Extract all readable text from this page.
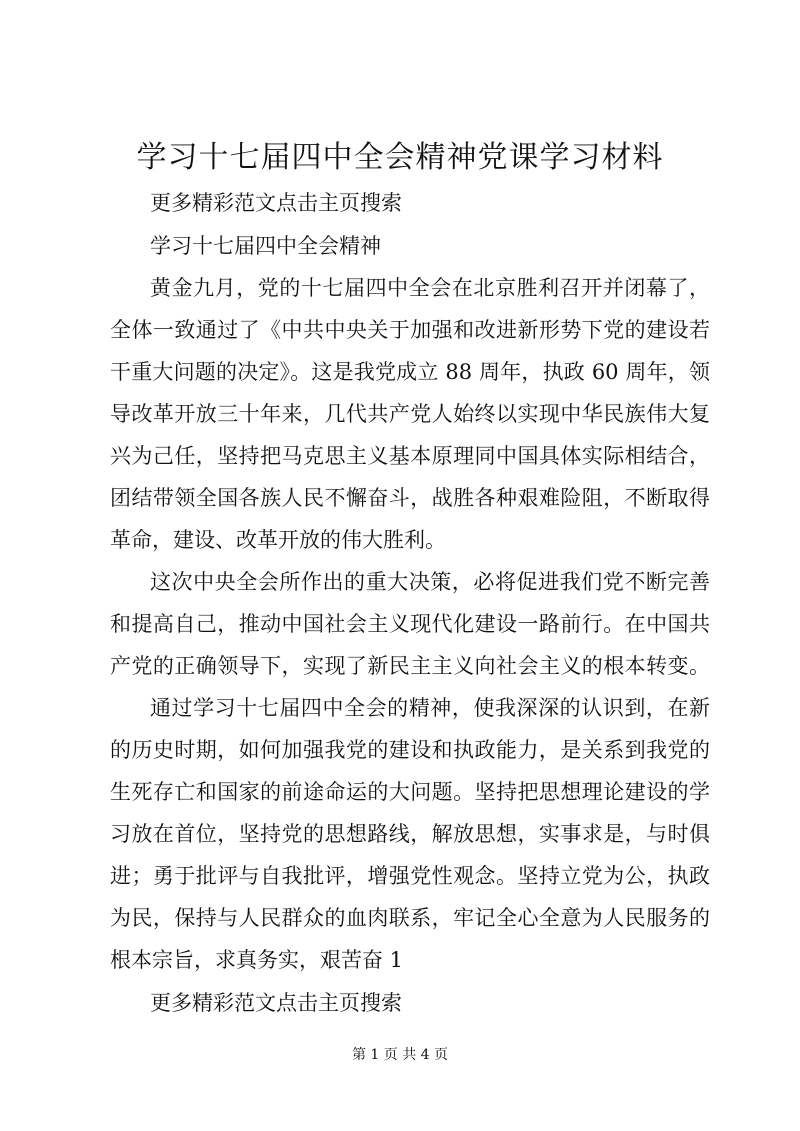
学习十七届四中全会精神党课学习材料
更多精彩范文点击主页搜索
学习十七届四中全会精神
黄金九月，党的十七届四中全会在北京胜利召开并闭幕了，
全体一致通过了《中共中央关于加强和改进新形势下党的建设若
干重大问题的决定》。这是我党成立 88 周年，执政 60 周年，领
导改革开放三十年来，几代共产党人始终以实现中华民族伟大复
兴为己任，坚持把马克思主义基本原理同中国具体实际相结合，
团结带领全国各族人民不懈奋斗，战胜各种艰难险阻，不断取得
革命，建设、改革开放的伟大胜利。
这次中央全会所作出的重大决策，必将促进我们党不断完善
和提高自己，推动中国社会主义现代化建设一路前行。在中国共
产党的正确领导下，实现了新民主主义向社会主义的根本转变。
通过学习十七届四中全会的精神，使我深深的认识到，在新
的历史时期，如何加强我党的建设和执政能力，是关系到我党的
生死存亡和国家的前途命运的大问题。坚持把思想理论建设的学
习放在首位，坚持党的思想路线，解放思想，实事求是，与时俱
进；勇于批评与自我批评，增强党性观念。坚持立党为公，执政
为民，保持与人民群众的血肉联系，牢记全心全意为人民服务的
根本宗旨，求真务实，艰苦奋 1
更多精彩范文点击主页搜索
第 1 页 共 4 页
